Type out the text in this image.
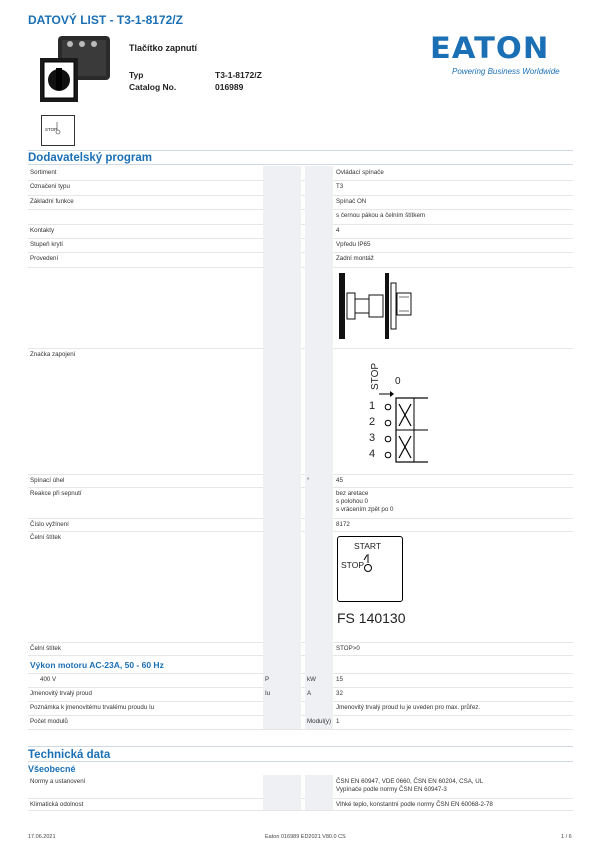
DATOVÝ LIST - T3-1-8172/Z
STOP
Tlačítko zapnutí
Typ	T3-1-8172/Z
Catalog No.	016989
EATON
Powering Business Worldwide
Dodavatelský program
Sortiment	Ovládací spínače
Označení typu	T3
Základní funkce	Spínač ON
s černou pákou a čelním štítkem
Kontakty	4
Stupeň krytí	Vpředu IP65
Provedení	Zadní montáž
Značka zapojení
STOP 0
1
2
3
4
Spínací úhel	°	45
Reakce při sepnutí	bez aretace
s polohou 0
s vrácením zpět po 0
Číslo vyžínení	8172
Čelní štítek
START
STOP
FS 140130
Čelní štítek	STOP>0
Výkon motoru AC-23A, 50 - 60 Hz
400 V	P	kW	15
Jmenovitý trvalý proud	Iu	A	32
Poznámka k jmenovitému trvalému proudu Iu	Jmenovitý trvalý proud Iu je uveden pro max. průřez.
Počet modulů	Modul(y) 1
Technická data
Všeobecné
Normy a ustanovení	ČSN EN 60947, VDE 0660, ČSN EN 60204, CSA, UL
Vypínače podle normy ČSN EN 60947-3
Klimatická odolnost	Vlhké teplo, konstantní podle normy ČSN EN 60068-2-78
17.06.2021	Eaton 016989 ED2021 V80.0 CS	1 / 6
